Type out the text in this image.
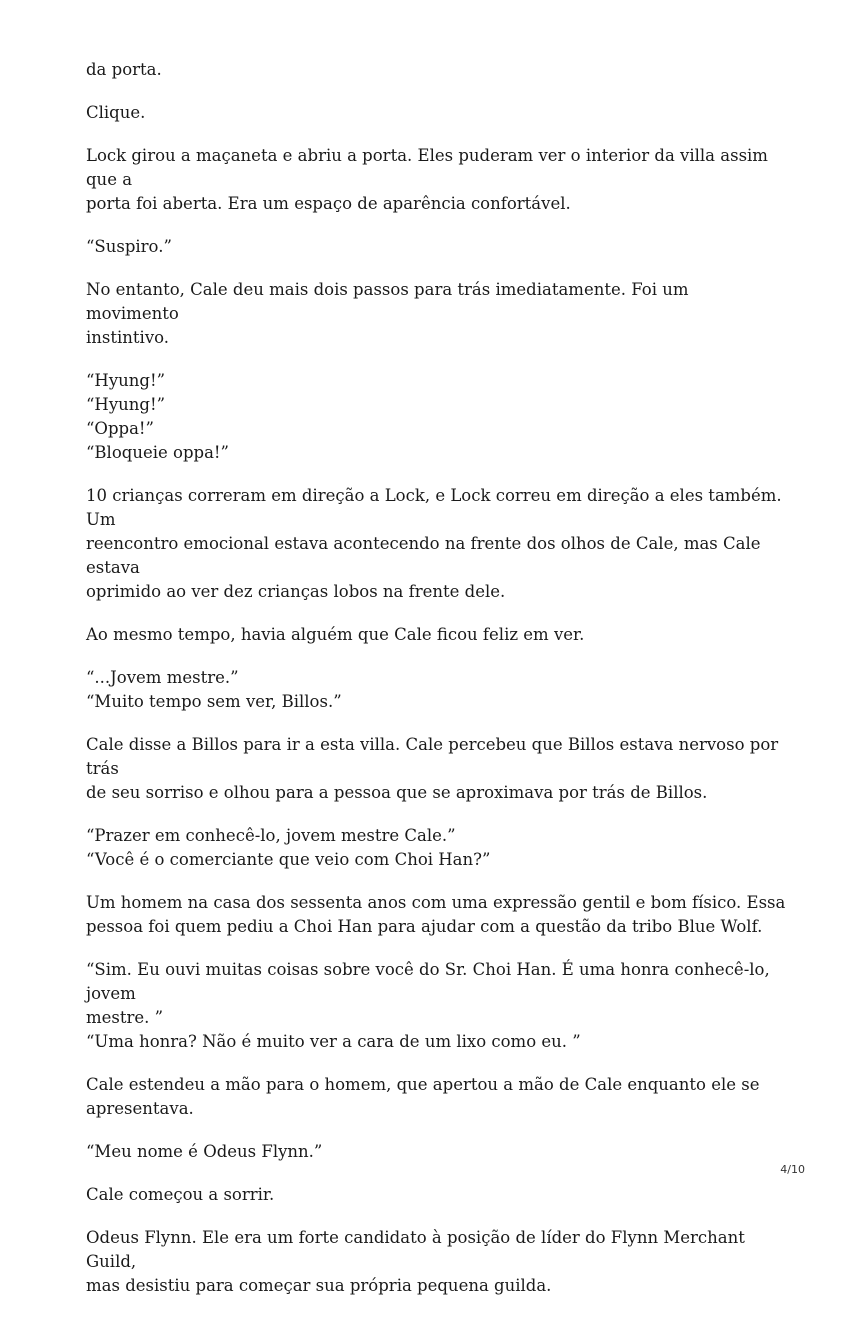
da porta.

Clique.

Lock girou a maçaneta e abriu a porta. Eles puderam ver o interior da villa assim que a
porta foi aberta. Era um espaço de aparência confortável.

“Suspiro.”

No entanto, Cale deu mais dois passos para trás imediatamente. Foi um movimento
instintivo.

“Hyung!”
“Hyung!”
“Oppa!”
“Bloqueie oppa!”

10 crianças correram em direção a Lock, e Lock correu em direção a eles também. Um
reencontro emocional estava acontecendo na frente dos olhos de Cale, mas Cale estava
oprimido ao ver dez crianças lobos na frente dele.

Ao mesmo tempo, havia alguém que Cale ficou feliz em ver.

“...Jovem mestre.”
“Muito tempo sem ver, Billos.”

Cale disse a Billos para ir a esta villa. Cale percebeu que Billos estava nervoso por trás
de seu sorriso e olhou para a pessoa que se aproximava por trás de Billos.

“Prazer em conhecê-lo, jovem mestre Cale.”
“Você é o comerciante que veio com Choi Han?”

Um homem na casa dos sessenta anos com uma expressão gentil e bom físico. Essa
pessoa foi quem pediu a Choi Han para ajudar com a questão da tribo Blue Wolf.

“Sim. Eu ouvi muitas coisas sobre você do Sr. Choi Han. É uma honra conhecê-lo, jovem
mestre. ”
“Uma honra? Não é muito ver a cara de um lixo como eu. ”

Cale estendeu a mão para o homem, que apertou a mão de Cale enquanto ele se
apresentava.

“Meu nome é Odeus Flynn.”

Cale começou a sorrir.

Odeus Flynn. Ele era um forte candidato à posição de líder do Flynn Merchant Guild,
mas desistiu para começar sua própria pequena guilda.

4/10
